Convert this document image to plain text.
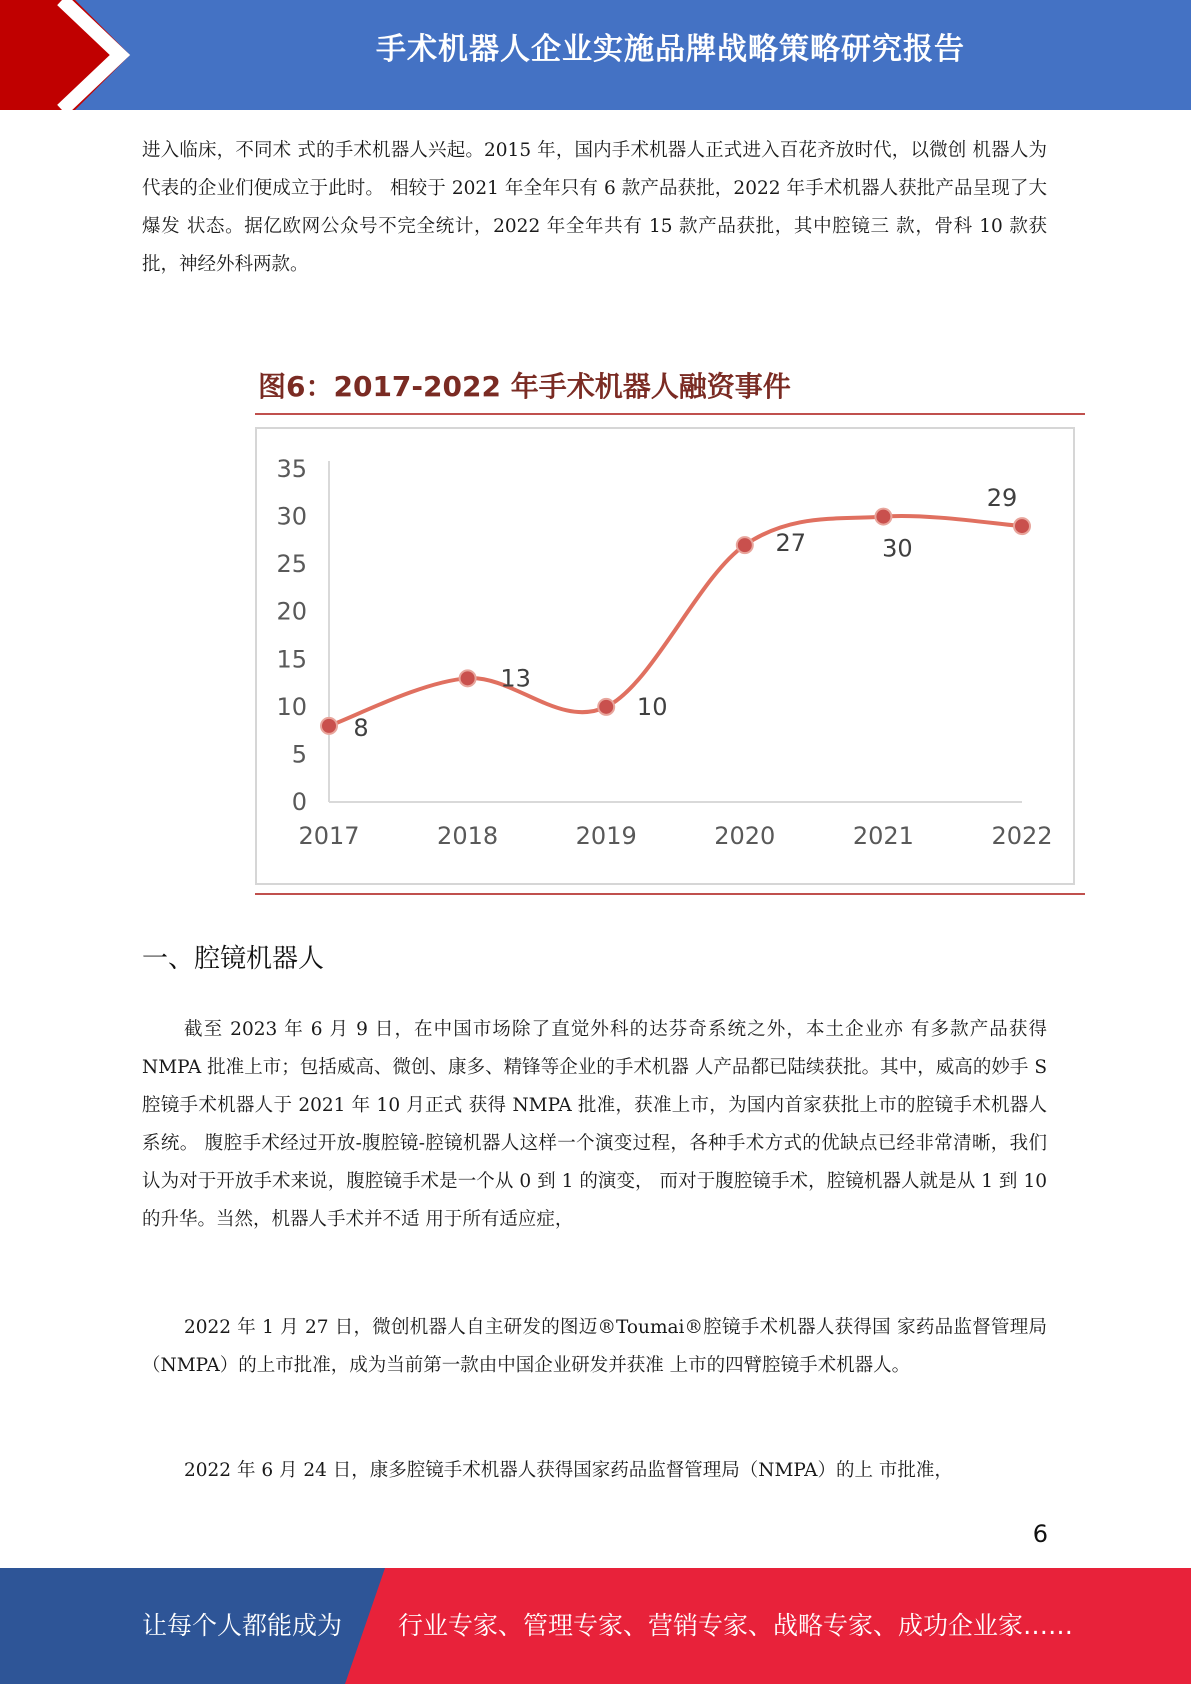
手术机器人企业实施品牌战略策略研究报告

进入临床，不同术 式的手术机器人兴起。2015 年，国内手术机器人正式进入百花齐放时代，以微创 机器人为代表的企业们便成立于此时。 相较于 2021 年全年只有 6 款产品获批，2022 年手术机器人获批产品呈现了大爆发 状态。据亿欧网公众号不完全统计，2022 年全年共有 15 款产品获批，其中腔镜三 款，骨科 10 款获批，神经外科两款。

图6：2017-2022 年手术机器人融资事件
0
5
10
15
20
25
30
35
2017	2018	2019	2020	2021	2022
8
13
10
27	30
29
一、腔镜机器人

截至 2023 年 6 月 9 日，在中国市场除了直觉外科的达芬奇系统之外，本土企业亦 有多款产品获得 NMPA 批准上市；包括威高、微创、康多、精锋等企业的手术机器 人产品都已陆续获批。其中，威高的妙手 S 腔镜手术机器人于 2021 年 10 月正式 获得 NMPA 批准，获准上市，为国内首家获批上市的腔镜手术机器人系统。 腹腔手术经过开放-腹腔镜-腔镜机器人这样一个演变过程，各种手术方式的优缺点已经非常清晰，我们认为对于开放手术来说，腹腔镜手术是一个从 0 到 1 的演变， 而对于腹腔镜手术，腔镜机器人就是从 1 到 10 的升华。当然，机器人手术并不适 用于所有适应症，

2022 年 1 月 27 日，微创机器人自主研发的图迈®Toumai®腔镜手术机器人获得国 家药品监督管理局（NMPA）的上市批准，成为当前第一款由中国企业研发并获准 上市的四臂腔镜手术机器人。

2022 年 6 月 24 日，康多腔镜手术机器人获得国家药品监督管理局（NMPA）的上 市批准，

6
让每个人都能成为 行业专家、管理专家、营销专家、战略专家、成功企业家……
